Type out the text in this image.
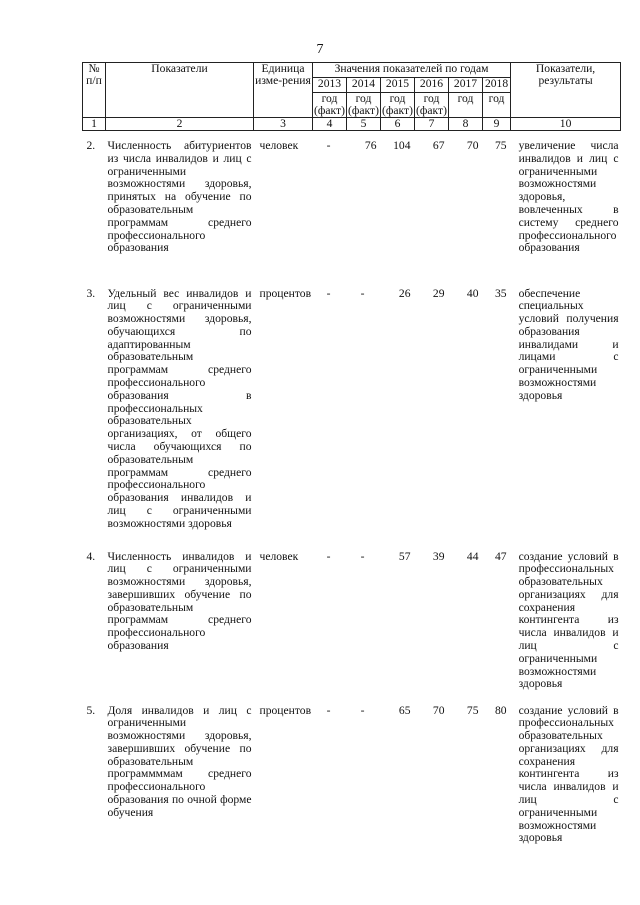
7
№ п/п	Показатели	Единица изме-рения	Значения показателей по годам						Показатели, результаты
			2013	2014	2015	2016	2017	2018	
			год (факт)	год (факт)	год (факт)	год (факт)	год	год	
1	2	3	4	5	6	7	8	9	10
2.	Численность абитуриентов из числа инвалидов и лиц с ограниченными возможностями здоровья, принятых на обучение по образовательным программам среднего профессионального образования	человек	-	76	104	67	70	75	увеличение числа инвалидов и лиц с ограниченными возможностями здоровья, вовлеченных в систему среднего профессионального образования
3.	Удельный вес инвалидов и лиц с ограниченными возможностями здоровья, обучающихся по адаптированным образовательным программам среднего профессионального образования в профессиональных образовательных организациях, от общего числа обучающихся по образовательным программам среднего профессионального образования инвалидов и лиц с ограниченными возможностями здоровья	процентов	-	-	26	29	40	35	обеспечение специальных условий получения образования инвалидами и лицами с ограниченными возможностями здоровья
4.	Численность инвалидов и лиц с ограниченными возможностями здоровья, завершивших обучение по образовательным программам среднего профессионального образования	человек	-	-	57	39	44	47	создание условий в профессиональных образовательных организациях для сохранения контингента из числа инвалидов и лиц с ограниченными возможностями здоровья
5.	Доля инвалидов и лиц с ограниченными возможностями здоровья, завершивших обучение по образовательным программммам среднего профессионального образования по очной форме обучения	процентов	-	-	65	70	75	80	создание условий в профессиональных образовательных организациях для сохранения контингента из числа инвалидов и лиц с ограниченными возможностями здоровья
